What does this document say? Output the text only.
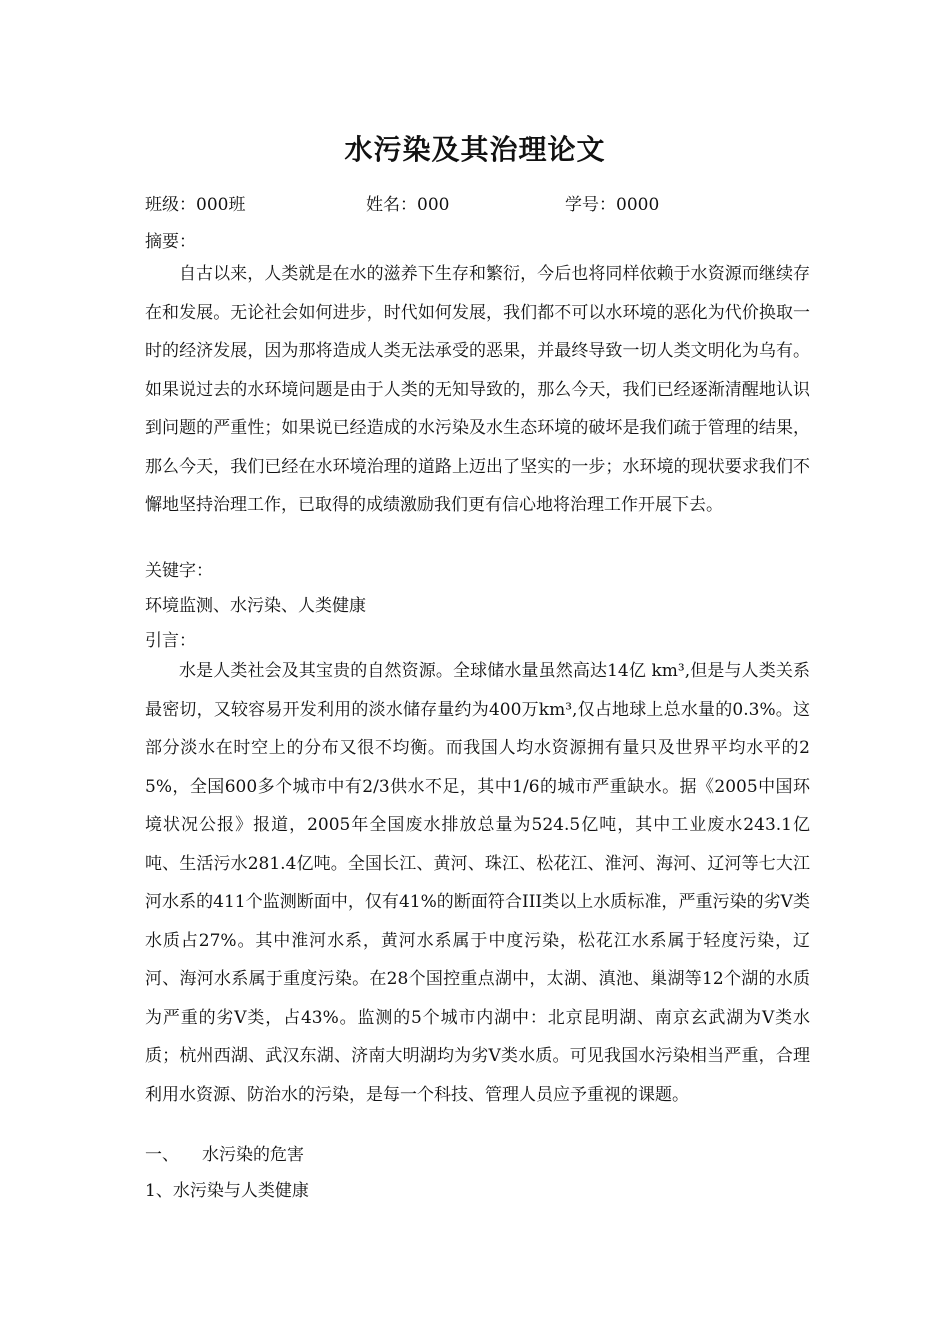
水污染及其治理论文
班级：000班	姓名：000	学号：0000
摘要：
自古以来，人类就是在水的滋养下生存和繁衍，今后也将同样依赖于水资源而继续存在和发展。无论社会如何进步，时代如何发展，我们都不可以水环境的恶化为代价换取一时的经济发展，因为那将造成人类无法承受的恶果，并最终导致一切人类文明化为乌有。如果说过去的水环境问题是由于人类的无知导致的，那么今天，我们已经逐渐清醒地认识到问题的严重性；如果说已经造成的水污染及水生态环境的破坏是我们疏于管理的结果，那么今天，我们已经在水环境治理的道路上迈出了坚实的一步；水环境的现状要求我们不懈地坚持治理工作，已取得的成绩激励我们更有信心地将治理工作开展下去。
关键字：
环境监测、水污染、人类健康
引言：
水是人类社会及其宝贵的自然资源。全球储水量虽然高达14亿 km³,但是与人类关系最密切，又较容易开发利用的淡水储存量约为400万km³,仅占地球上总水量的0.3%。这部分淡水在时空上的分布又很不均衡。而我国人均水资源拥有量只及世界平均水平的25%，全国600多个城市中有2/3供水不足，其中1/6的城市严重缺水。据《2005中国环境状况公报》报道，2005年全国废水排放总量为524.5亿吨，其中工业废水243.1亿吨、生活污水281.4亿吨。全国长江、黄河、珠江、松花江、淮河、海河、辽河等七大江河水系的411个监测断面中，仅有41%的断面符合III类以上水质标准，严重污染的劣V类水质占27%。其中淮河水系，黄河水系属于中度污染，松花江水系属于轻度污染，辽河、海河水系属于重度污染。在28个国控重点湖中，太湖、滇池、巢湖等12个湖的水质为严重的劣V类，占43%。监测的5个城市内湖中：北京昆明湖、南京玄武湖为V类水质；杭州西湖、武汉东湖、济南大明湖均为劣V类水质。可见我国水污染相当严重，合理利用水资源、防治水的污染，是每一个科技、管理人员应予重视的课题。
一、 水污染的危害
1、水污染与人类健康
